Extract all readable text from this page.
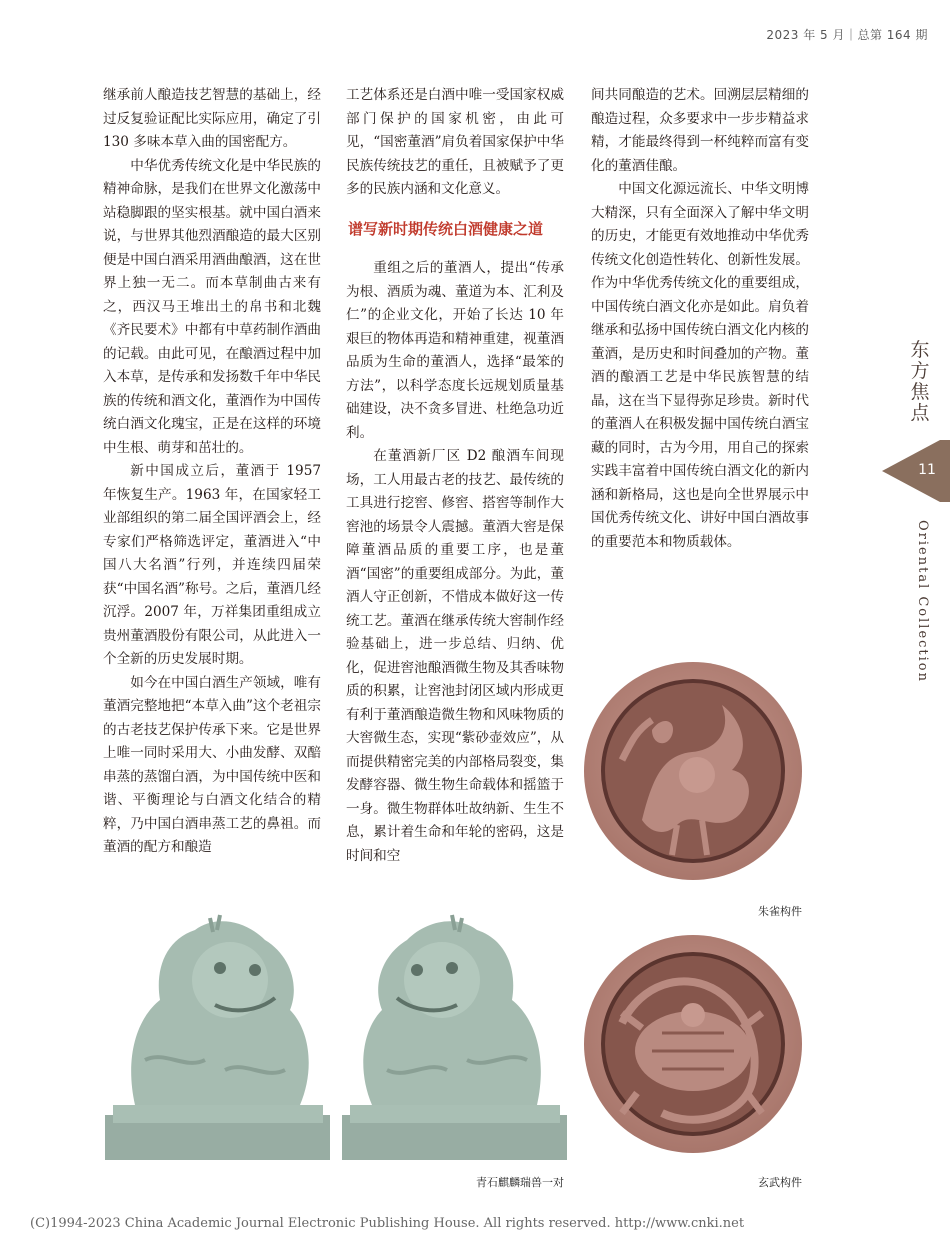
2023 年 5 月｜总第 164 期

继承前人酿造技艺智慧的基础上，经过反复验证配比实际应用，确定了引 130 多味本草入曲的国密配方。

中华优秀传统文化是中华民族的精神命脉，是我们在世界文化激荡中站稳脚跟的坚实根基。就中国白酒来说，与世界其他烈酒酿造的最大区别便是中国白酒采用酒曲酿酒，这在世界上独一无二。而本草制曲古来有之，西汉马王堆出土的帛书和北魏《齐民要术》中都有中草药制作酒曲的记载。由此可见，在酿酒过程中加入本草，是传承和发扬数千年中华民族的传统和酒文化，董酒作为中国传统白酒文化瑰宝，正是在这样的环境中生根、萌芽和茁壮的。

新中国成立后，董酒于 1957 年恢复生产。1963 年，在国家轻工业部组织的第二届全国评酒会上，经专家们严格筛选评定，董酒进入“中国八大名酒”行列，并连续四届荣获“中国名酒”称号。之后，董酒几经沉浮。2007 年，万祥集团重组成立贵州董酒股份有限公司，从此进入一个全新的历史发展时期。

如今在中国白酒生产领域，唯有董酒完整地把“本草入曲”这个老祖宗的古老技艺保护传承下来。它是世界上唯一同时采用大、小曲发酵、双醅串蒸的蒸馏白酒，为中国传统中医和谐、平衡理论与白酒文化结合的精粹，乃中国白酒串蒸工艺的鼻祖。而董酒的配方和酿造

工艺体系还是白酒中唯一受国家权威部门保护的国家机密，由此可见，“国密董酒”肩负着国家保护中华民族传统技艺的重任，且被赋予了更多的民族内涵和文化意义。

谱写新时期传统白酒健康之道

重组之后的董酒人，提出“传承为根、酒质为魂、董道为本、汇利及仁”的企业文化，开始了长达 10 年艰巨的物体再造和精神重建，视董酒品质为生命的董酒人，选择“最笨的方法”，以科学态度长远规划质量基础建设，决不贪多冒进、杜绝急功近利。

在董酒新厂区 D2 酿酒车间现场，工人用最古老的技艺、最传统的工具进行挖窖、修窖、搭窖等制作大窖池的场景令人震撼。董酒大窖是保障董酒品质的重要工序，也是董酒“国密”的重要组成部分。为此，董酒人守正创新，不惜成本做好这一传统工艺。董酒在继承传统大窖制作经验基础上，进一步总结、归纳、优化，促进窖池酿酒微生物及其香味物质的积累，让窖池封闭区域内形成更有利于董酒酿造微生物和风味物质的大窖微生态，实现“紫砂壶效应”，从而提供精密完美的内部格局裂变，集发酵容器、微生物生命载体和摇篮于一身。微生物群体吐故纳新、生生不息，累计着生命和年轮的密码，这是时间和空

间共同酿造的艺术。回溯层层精细的酿造过程，众多要求中一步步精益求精，才能最终得到一杯纯粹而富有变化的董酒佳酿。

中国文化源远流长、中华文明博大精深，只有全面深入了解中华文明的历史，才能更有效地推动中华优秀传统文化创造性转化、创新性发展。作为中华优秀传统文化的重要组成，中国传统白酒文化亦是如此。肩负着继承和弘扬中国传统白酒文化内核的董酒，是历史和时间叠加的产物。董酒的酿酒工艺是中华民族智慧的结晶，这在当下显得弥足珍贵。新时代的董酒人在积极发掘中国传统白酒宝藏的同时，古为今用，用自己的探索实践丰富着中国传统白酒文化的新内涵和新格局，这也是向全世界展示中国优秀传统文化、讲好中国白酒故事的重要范本和物质载体。

东方焦点
11
Oriental Collection
朱雀构件
玄武构件
青石麒麟瑞兽一对
(C)1994-2023 China Academic Journal Electronic Publishing House. All rights reserved. http://www.cnki.net
